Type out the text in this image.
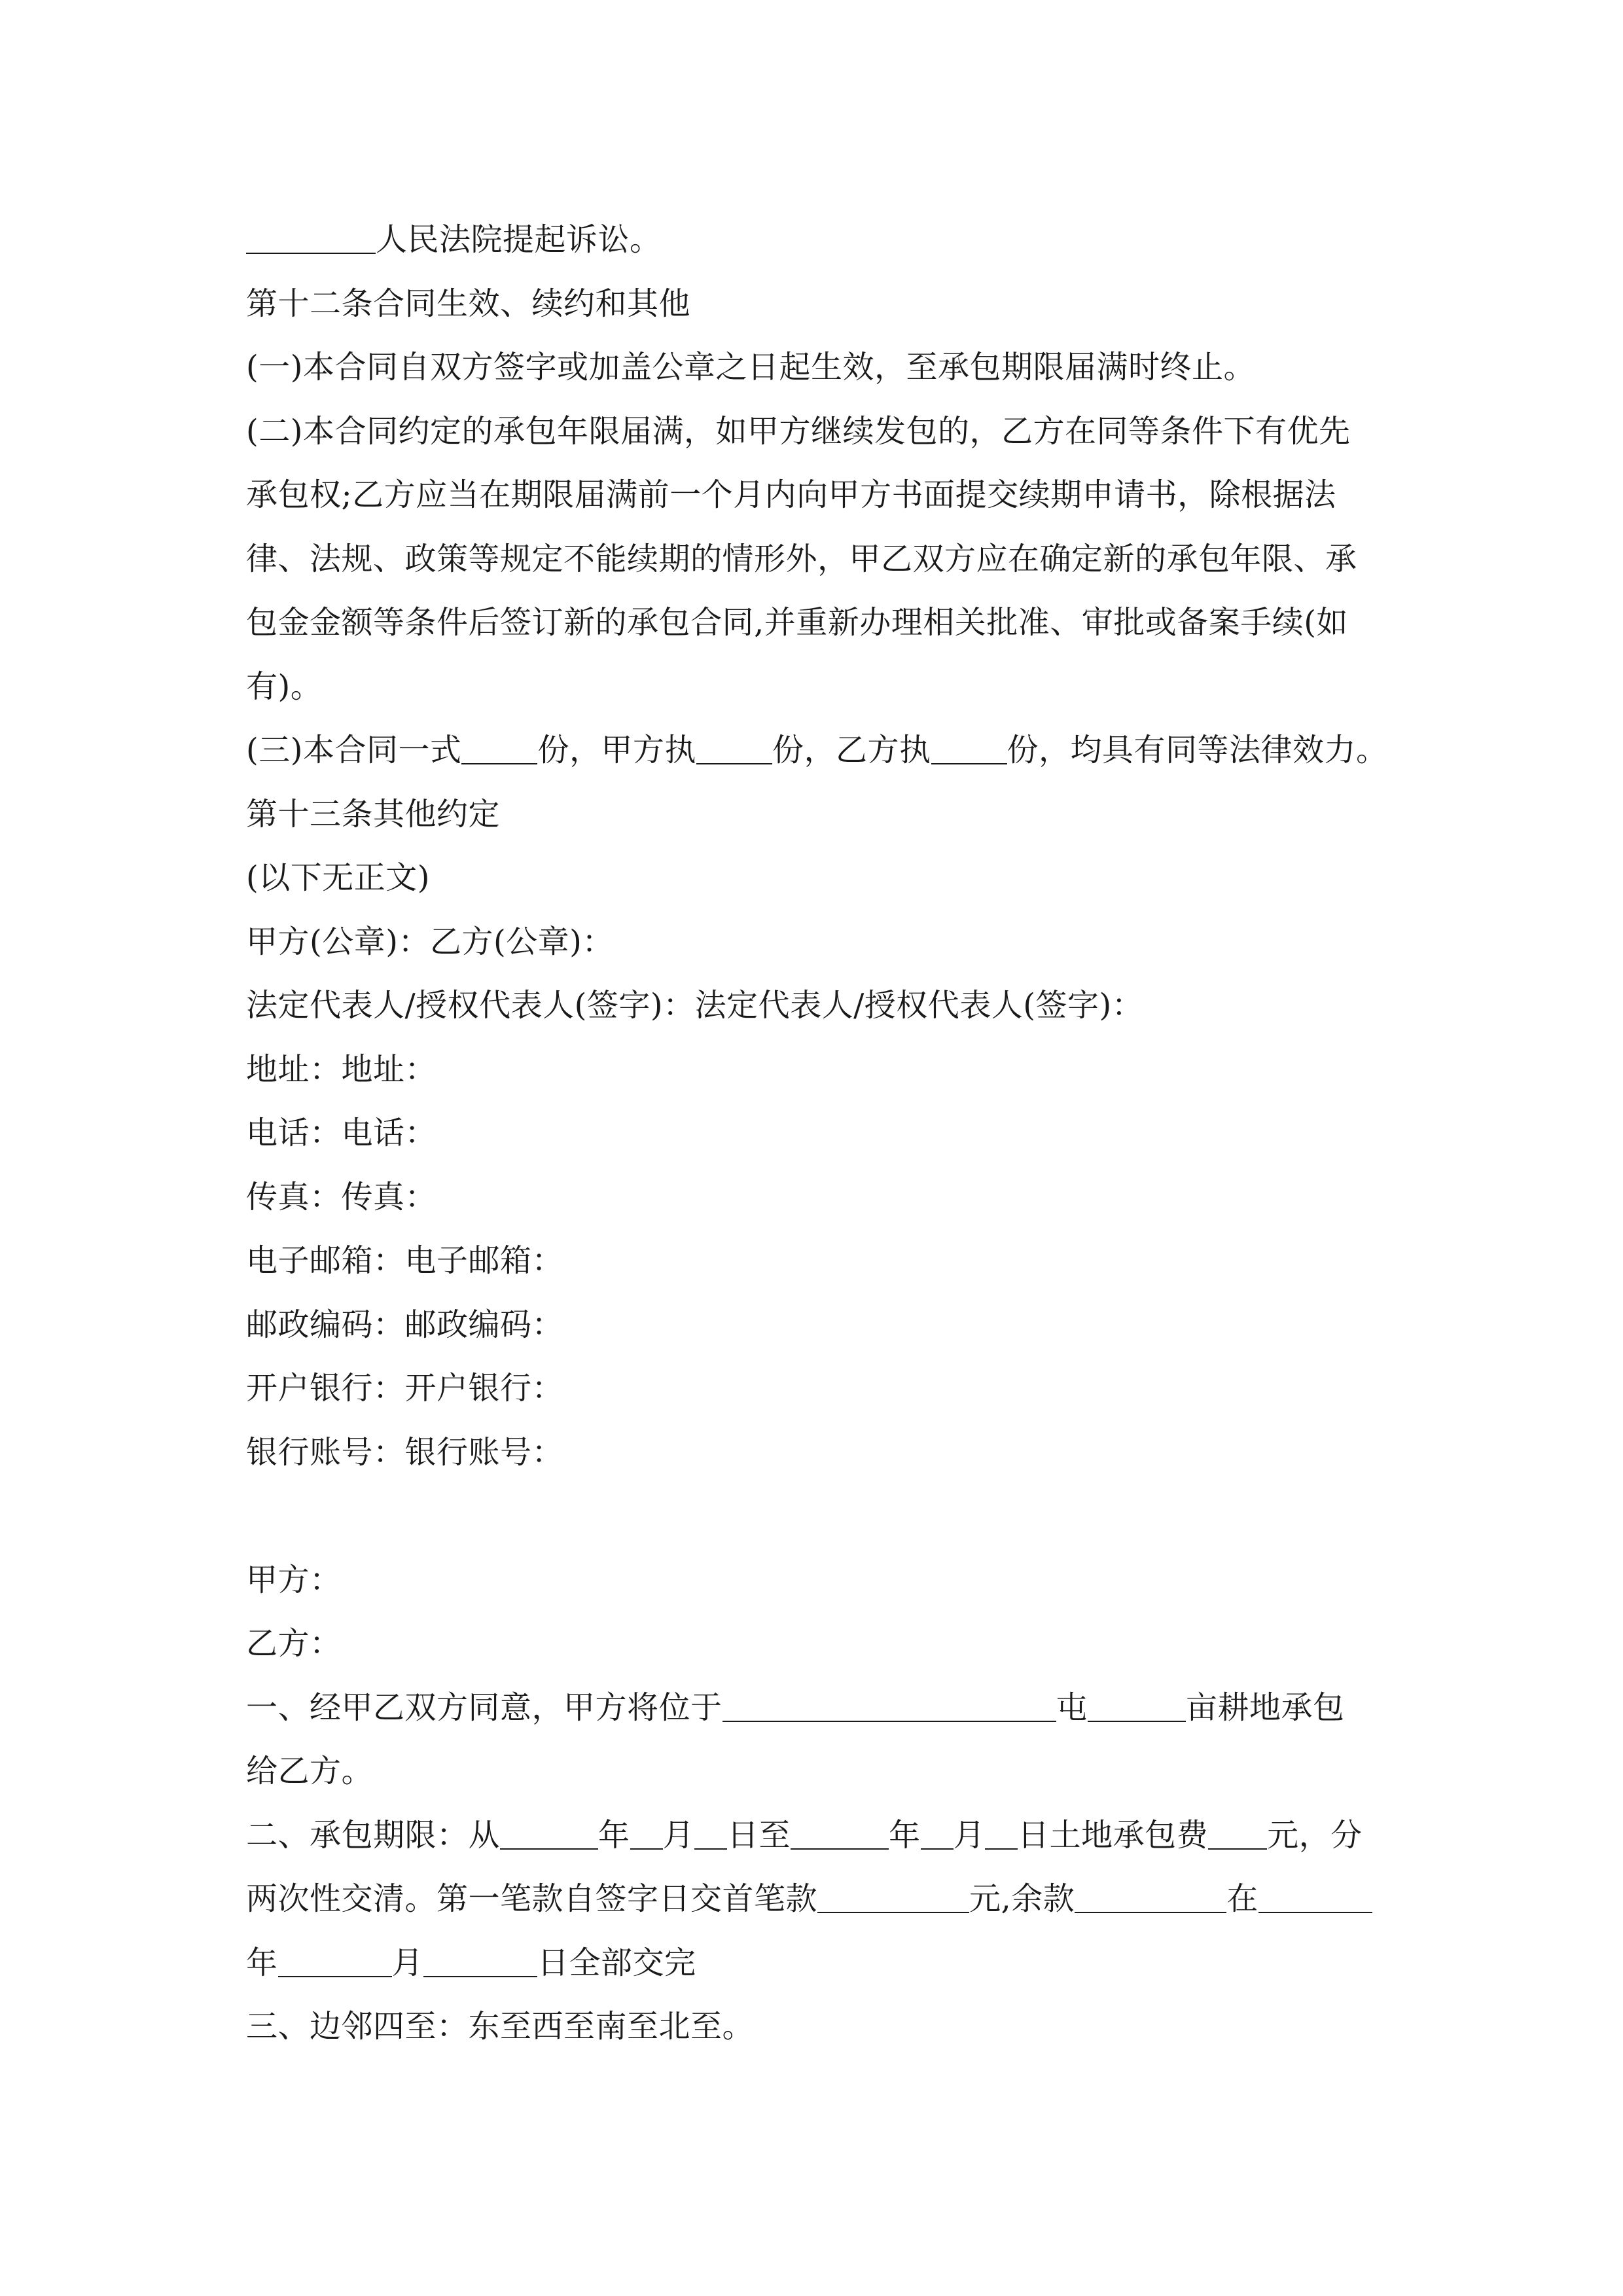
人民法院提起诉讼。
第十二条合同生效、续约和其他
(一)本合同自双方签字或加盖公章之日起生效，至承包期限届满时终止。
(二)本合同约定的承包年限届满，如甲方继续发包的，乙方在同等条件下有优先
承包权;乙方应当在期限届满前一个月内向甲方书面提交续期申请书，除根据法
律、法规、政策等规定不能续期的情形外，甲乙双方应在确定新的承包年限、承
包金金额等条件后签订新的承包合同,并重新办理相关批准、审批或备案手续(如
有)。
(三)本合同一式 份，甲方执 份，乙方执 份，均具有同等法律效力。
第十三条其他约定
(以下无正文)
甲方(公章)：乙方(公章)：
法定代表人/授权代表人(签字)：法定代表人/授权代表人(签字)：
地址：地址：
电话：电话：
传真：传真：
电子邮箱：电子邮箱：
邮政编码：邮政编码：
开户银行：开户银行：
银行账号：银行账号：
甲方：
乙方：
一、经甲乙双方同意，甲方将位于	屯	亩耕地承包
给乙方。
二、承包期限：从	年 月 日至	年 月 日土地承包费 元，分
两次性交清。第一笔款自签字日交首笔款	元,余款	在
年	月	日全部交完
三、边邻四至：东至西至南至北至。
